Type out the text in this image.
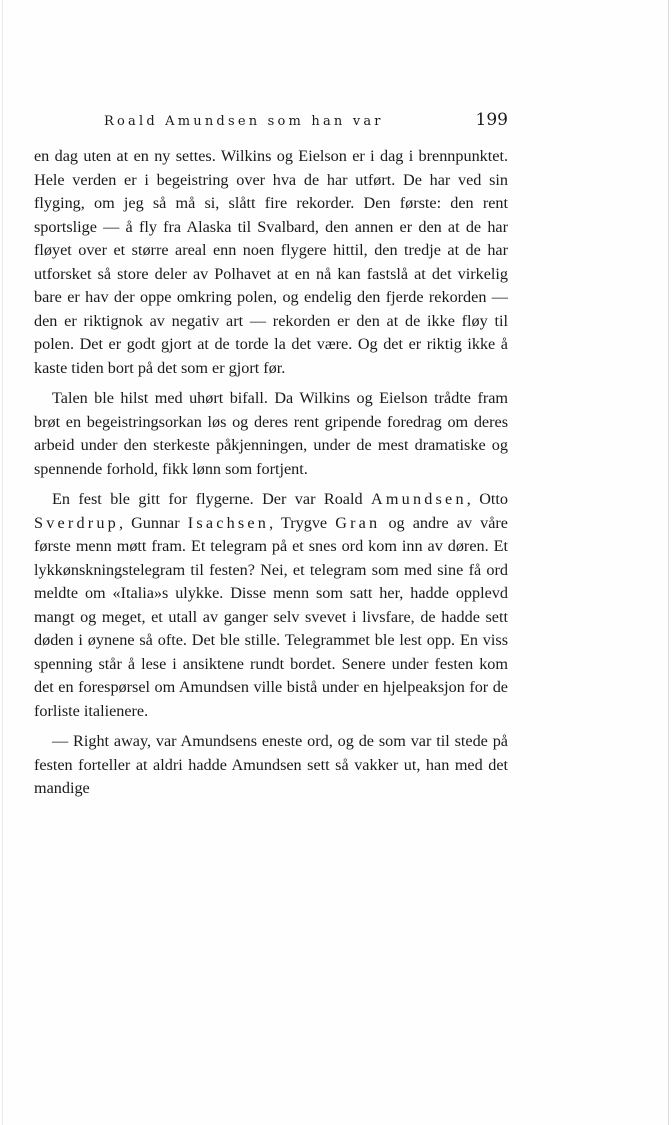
Roald Amundsen som han var	199

en dag uten at en ny settes. Wilkins og Eielson er i dag i brennpunktet. Hele verden er i begeistring over hva de har utført. De har ved sin flyging, om jeg så må si, slått fire rekorder. Den første: den rent sportslige — å fly fra Alaska til Svalbard, den annen er den at de har fløyet over et større areal enn noen flygere hittil, den tredje at de har utforsket så store deler av Polhavet at en nå kan fastslå at det virkelig bare er hav der oppe omkring polen, og endelig den fjerde rekorden — den er riktignok av negativ art — rekorden er den at de ikke fløy til polen. Det er godt gjort at de torde la det være. Og det er riktig ikke å kaste tiden bort på det som er gjort før.

Talen ble hilst med uhørt bifall. Da Wilkins og Eielson trådte fram brøt en begeistringsorkan løs og deres rent gripende foredrag om deres arbeid under den sterkeste påkjenningen, under de mest dramatiske og spennende forhold, fikk lønn som fortjent.

En fest ble gitt for flygerne. Der var Roald Amundsen, Otto Sverdrup, Gunnar Isachsen, Trygve Gran og andre av våre første menn møtt fram. Et telegram på et snes ord kom inn av døren. Et lykkønskningstelegram til festen? Nei, et telegram som med sine få ord meldte om «Italia»s ulykke. Disse menn som satt her, hadde opplevd mangt og meget, et utall av ganger selv svevet i livsfare, de hadde sett døden i øynene så ofte. Det ble stille. Telegrammet ble lest opp. En viss spenning står å lese i ansiktene rundt bordet. Senere under festen kom det en forespørsel om Amundsen ville bistå under en hjelpeaksjon for de forliste italienere.

— Right away, var Amundsens eneste ord, og de som var til stede på festen forteller at aldri hadde Amundsen sett så vakker ut, han med det mandige
